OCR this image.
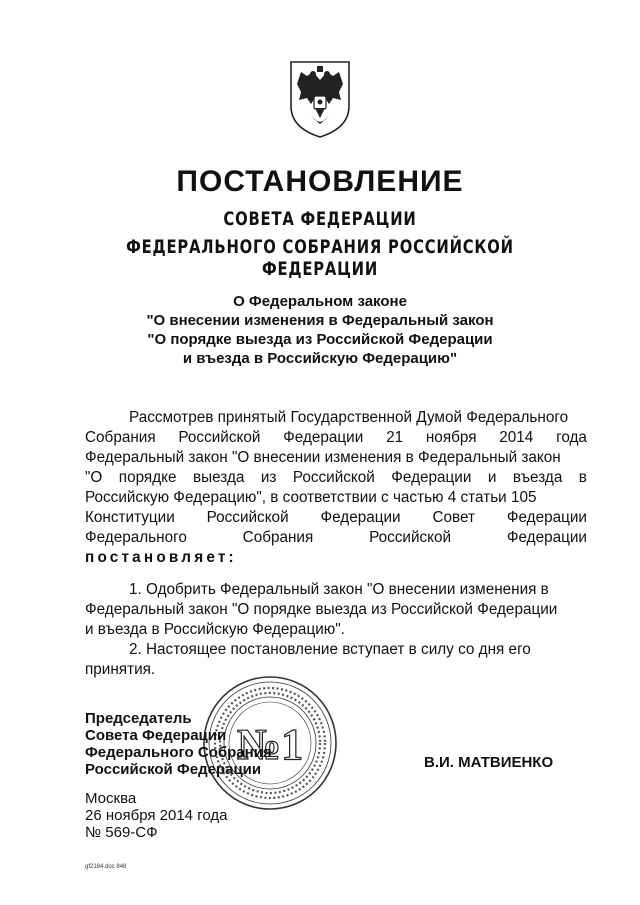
ПОСТАНОВЛЕНИЕ
СОВЕТА ФЕДЕРАЦИИ
ФЕДЕРАЛЬНОГО СОБРАНИЯ РОССИЙСКОЙ ФЕДЕРАЦИИ
О Федеральном законе
"О внесении изменения в Федеральный закон
"О порядке выезда из Российской Федерации
и въезда в Российскую Федерацию"
Рассмотрев принятый Государственной Думой Федерального
Собрания Российской Федерации 21 ноября 2014 года
Федеральный закон "О внесении изменения в Федеральный закон
"О порядке выезда из Российской Федерации и въезда в
Российскую Федерацию", в соответствии с частью 4 статьи 105
Конституции Российской Федерации Совет Федерации
Федерального	Собрания	Российской	Федерации
постановляет:
1. Одобрить Федеральный закон "О внесении изменения в
Федеральный закон "О порядке выезда из Российской Федерации
и въезда в Российскую Федерацию".
2. Настоящее постановление вступает в силу со дня его
принятия.
№1
Председатель
Совета Федерации
Федерального Собрания
Российской Федерации	В.И. МАТВИЕНКО
Москва
26 ноября 2014 года
№ 569-СФ
gf2184.doc 848
